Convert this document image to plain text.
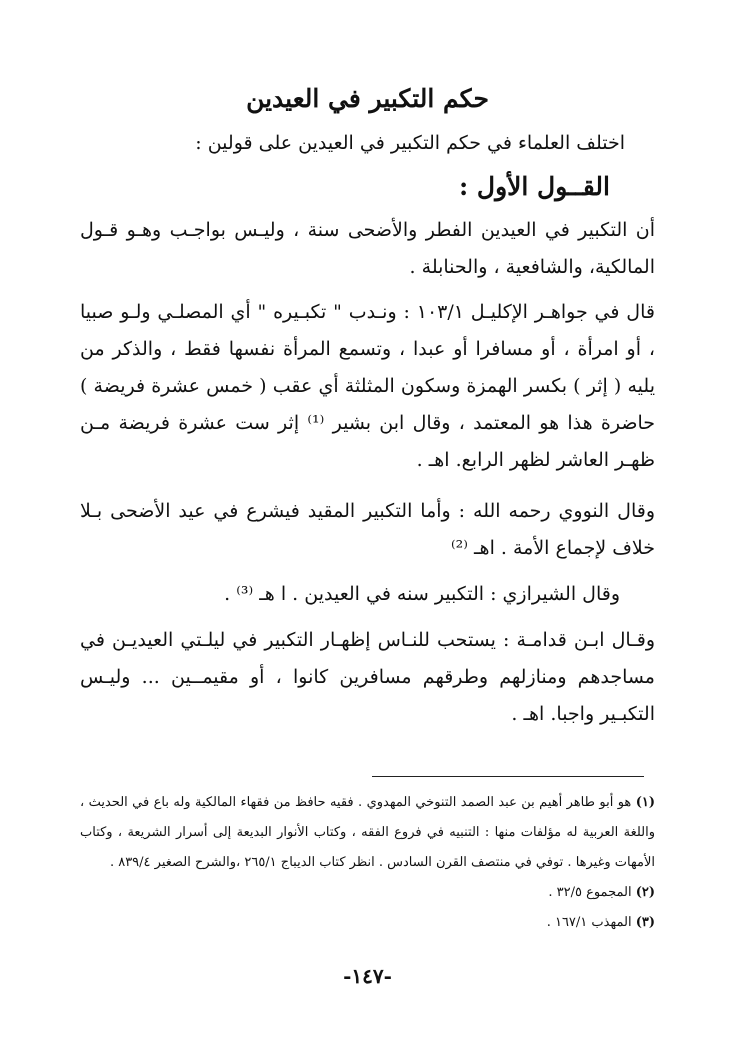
حكم التكبير في العيدين

اختلف العلماء في حكم التكبير في العيدين على قولين :

القــول الأول :

أن التكبير في العيدين الفطر والأضحى سنة ، وليـس بواجـب وهـو قـول المالكية، والشافعية ، والحنابلة .

قال في جواهـر الإكليـل ١٠٣/١ : ونـدب " تكبـيره " أي المصلـي ولـو صبيا ، أو امرأة ، أو مسافرا أو عبدا ، وتسمع المرأة نفسها فقط ، والذكر من يليه ( إثر ) بكسر الهمزة وسكون المثلثة أي عقب ( خمس عشرة فريضة ) حاضرة هذا هو المعتمد ، وقال ابن بشير ⁽¹⁾ إثر ست عشرة فريضة مـن ظهـر العاشر لظهر الرابع. اهـ .

وقال النووي رحمه الله : وأما التكبير المقيد فيشرع في عيد الأضحى بـلا خلاف لإجماع الأمة . اهـ ⁽²⁾

وقال الشيرازي : التكبير سنه في العيدين . ا هـ ⁽³⁾ .

وقـال ابـن قدامـة : يستحب للنـاس إظهـار التكبير في ليلـتي العيديـن في مساجدهم ومنازلهم وطرقهم مسافرين كانوا ، أو مقيمــين ... وليـس التكبـير واجبا. اهـ .

(١) هو أبو طاهر أهيم بن عبد الصمد التنوخي المهدوي . فقيه حافظ من فقهاء المالكية وله باع في الحديث ، واللغة العربية له مؤلفات منها : التنبيه في فروع الفقه ، وكتاب الأنوار البديعة إلى أسرار الشريعة ، وكتاب الأمهات وغيرها . توفي في منتصف القرن السادس . انظر كتاب الديباج ٢٦٥/١ ،والشرح الصغير ٨٣٩/٤ .
(٢) المجموع ٣٢/٥ .
(٣) المهذب ١٦٧/١ .
-١٤٧-
